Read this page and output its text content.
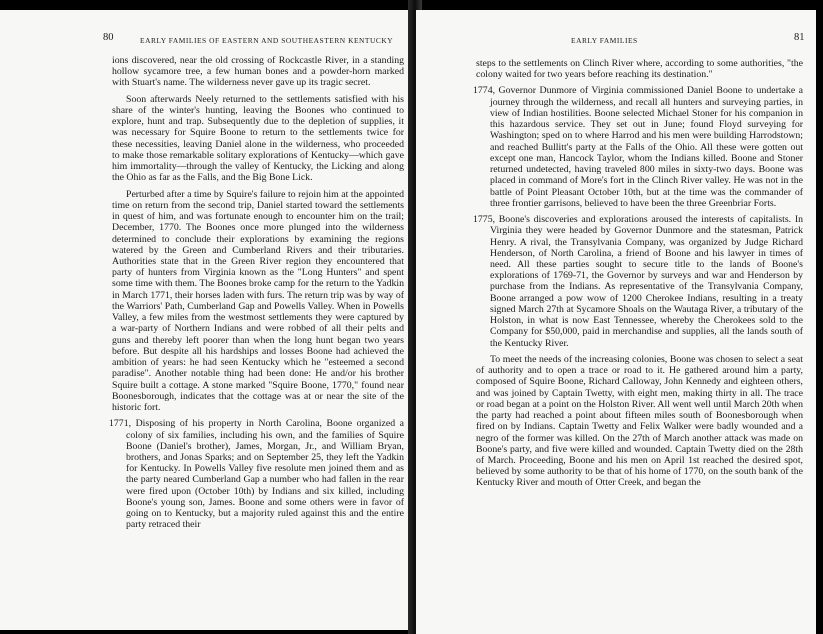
80	EARLY FAMILIES OF EASTERN AND SOUTHEASTERN KENTUCKY

ions discovered, near the old crossing of Rockcastle River, in a standing hollow sycamore tree, a few human bones and a powder-horn marked with Stuart's name. The wilderness never gave up its tragic secret.

Soon afterwards Neely returned to the settlements satisfied with his share of the winter's hunting, leaving the Boones who continued to explore, hunt and trap. Subsequently due to the depletion of supplies, it was necessary for Squire Boone to return to the settlements twice for these necessities, leaving Daniel alone in the wilderness, who proceeded to make those remarkable solitary explorations of Kentucky—which gave him immortality—through the valley of Kentucky, the Licking and along the Ohio as far as the Falls, and the Big Bone Lick.

Perturbed after a time by Squire's failure to rejoin him at the appointed time on return from the second trip, Daniel started toward the settlements in quest of him, and was fortunate enough to encounter him on the trail; December, 1770. The Boones once more plunged into the wilderness determined to conclude their explorations by examining the regions watered by the Green and Cumberland Rivers and their tributaries. Authorities state that in the Green River region they encountered that party of hunters from Virginia known as the "Long Hunters" and spent some time with them. The Boones broke camp for the return to the Yadkin in March 1771, their horses laden with furs. The return trip was by way of the Warriors' Path, Cumberland Gap and Powells Valley. When in Powells Valley, a few miles from the westmost settlements they were captured by a war-party of Northern Indians and were robbed of all their pelts and guns and thereby left poorer than when the long hunt began two years before. But despite all his hardships and losses Boone had achieved the ambition of years: he had seen Kentucky which he "esteemed a second paradise". Another notable thing had been done: He and/or his brother Squire built a cottage. A stone marked "Squire Boone, 1770," found near Boonesborough, indicates that the cottage was at or near the site of the historic fort.

1771, Disposing of his property in North Carolina, Boone organized a colony of six families, including his own, and the families of Squire Boone (Daniel's brother), James, Morgan, Jr., and William Bryan, brothers, and Jonas Sparks; and on September 25, they left the Yadkin for Kentucky. In Powells Valley five resolute men joined them and as the party neared Cumberland Gap a number who had fallen in the rear were fired upon (October 10th) by Indians and six killed, including Boone's young son, James. Boone and some others were in favor of going on to Kentucky, but a majority ruled against this and the entire party retraced their

EARLY FAMILIES	81

steps to the settlements on Clinch River where, according to some authorities, "the colony waited for two years before reaching its destination."

1774, Governor Dunmore of Virginia commissioned Daniel Boone to undertake a journey through the wilderness, and recall all hunters and surveying parties, in view of Indian hostilities. Boone selected Michael Stoner for his companion in this hazardous service. They set out in June; found Floyd surveying for Washington; sped on to where Harrod and his men were building Harrodstown; and reached Bullitt's party at the Falls of the Ohio. All these were gotten out except one man, Hancock Taylor, whom the Indians killed. Boone and Stoner returned undetected, having traveled 800 miles in sixty-two days. Boone was placed in command of More's fort in the Clinch River valley. He was not in the battle of Point Pleasant October 10th, but at the time was the commander of three frontier garrisons, believed to have been the three Greenbriar Forts.

1775, Boone's discoveries and explorations aroused the interests of capitalists. In Virginia they were headed by Governor Dunmore and the statesman, Patrick Henry. A rival, the Transylvania Company, was organized by Judge Richard Henderson, of North Carolina, a friend of Boone and his lawyer in times of need. All these parties sought to secure title to the lands of Boone's explorations of 1769-71, the Governor by surveys and war and Henderson by purchase from the Indians. As representative of the Transylvania Company, Boone arranged a pow wow of 1200 Cherokee Indians, resulting in a treaty signed March 27th at Sycamore Shoals on the Wautaga River, a tributary of the Holston, in what is now East Tennessee, whereby the Cherokees sold to the Company for $50,000, paid in merchandise and supplies, all the lands south of the Kentucky River.

To meet the needs of the increasing colonies, Boone was chosen to select a seat of authority and to open a trace or road to it. He gathered around him a party, composed of Squire Boone, Richard Calloway, John Kennedy and eighteen others, and was joined by Captain Twetty, with eight men, making thirty in all. The trace or road began at a point on the Holston River. All went well until March 20th when the party had reached a point about fifteen miles south of Boonesborough when fired on by Indians. Captain Twetty and Felix Walker were badly wounded and a negro of the former was killed. On the 27th of March another attack was made on Boone's party, and five were killed and wounded. Captain Twetty died on the 28th of March. Proceeding, Boone and his men on April 1st reached the desired spot, believed by some authority to be that of his home of 1770, on the south bank of the Kentucky River and mouth of Otter Creek, and began the
